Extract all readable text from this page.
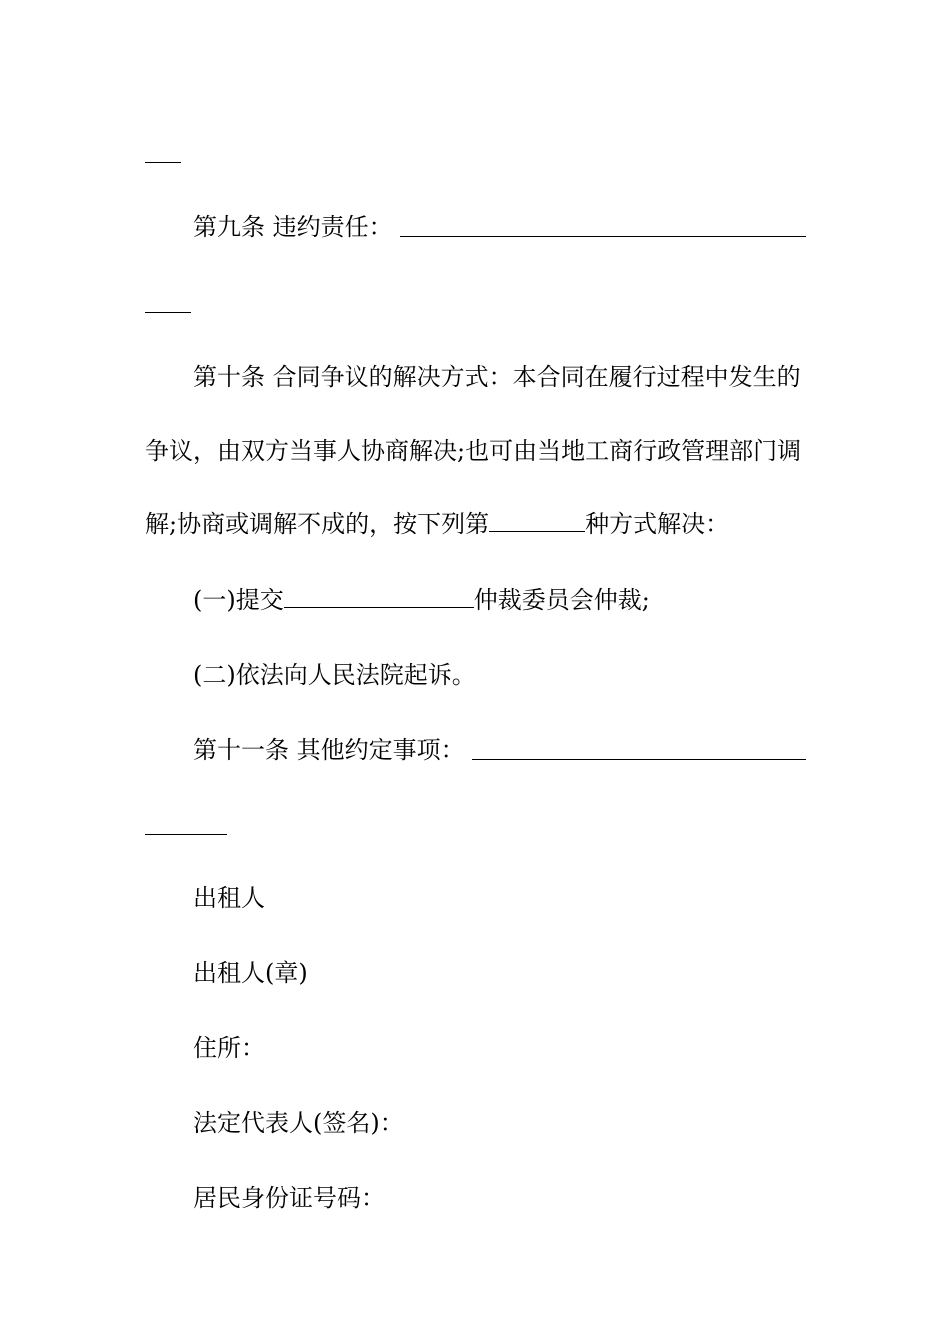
第九条 违约责任：
第十条 合同争议的解决方式：本合同在履行过程中发生的
争议，由双方当事人协商解决;也可由当地工商行政管理部门调
解;协商或调解不成的，按下列第	种方式解决：
(一)提交	仲裁委员会仲裁;
(二)依法向人民法院起诉。
第十一条 其他约定事项：
出租人
出租人(章)
住所：
法定代表人(签名)：
居民身份证号码：
